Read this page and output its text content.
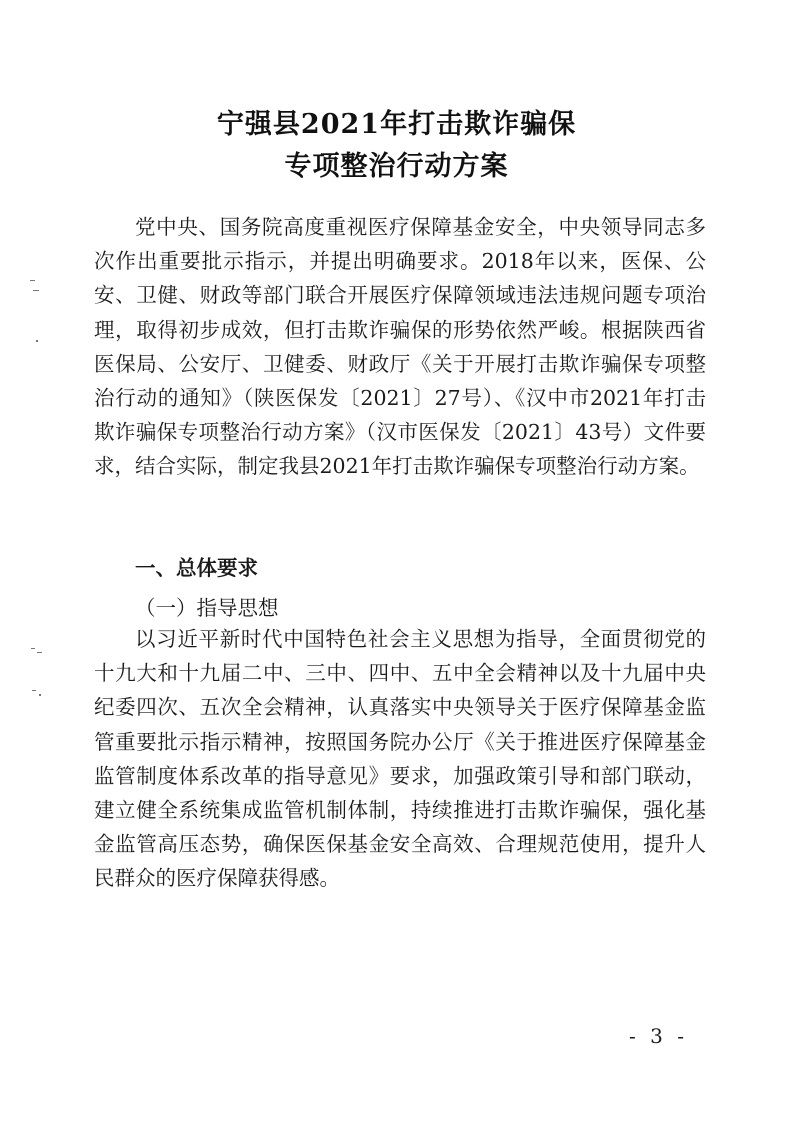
宁强县2021年打击欺诈骗保
专项整治行动方案

党中央、国务院高度重视医疗保障基金安全，中央领导同志多次作出重要批示指示，并提出明确要求。2018年以来，医保、公安、卫健、财政等部门联合开展医疗保障领域违法违规问题专项治理，取得初步成效，但打击欺诈骗保的形势依然严峻。根据陕西省医保局、公安厅、卫健委、财政厅《关于开展打击欺诈骗保专项整治行动的通知》（陕医保发〔2021〕27号）、《汉中市2021年打击欺诈骗保专项整治行动方案》（汉市医保发〔2021〕43号）文件要求，结合实际，制定我县2021年打击欺诈骗保专项整治行动方案。

一、总体要求
（一）指导思想

以习近平新时代中国特色社会主义思想为指导，全面贯彻党的十九大和十九届二中、三中、四中、五中全会精神以及十九届中央纪委四次、五次全会精神，认真落实中央领导关于医疗保障基金监管重要批示指示精神，按照国务院办公厅《关于推进医疗保障基金监管制度体系改革的指导意见》要求，加强政策引导和部门联动，建立健全系统集成监管机制体制，持续推进打击欺诈骗保，强化基金监管高压态势，确保医保基金安全高效、合理规范使用，提升人民群众的医疗保障获得感。

- 3 -
